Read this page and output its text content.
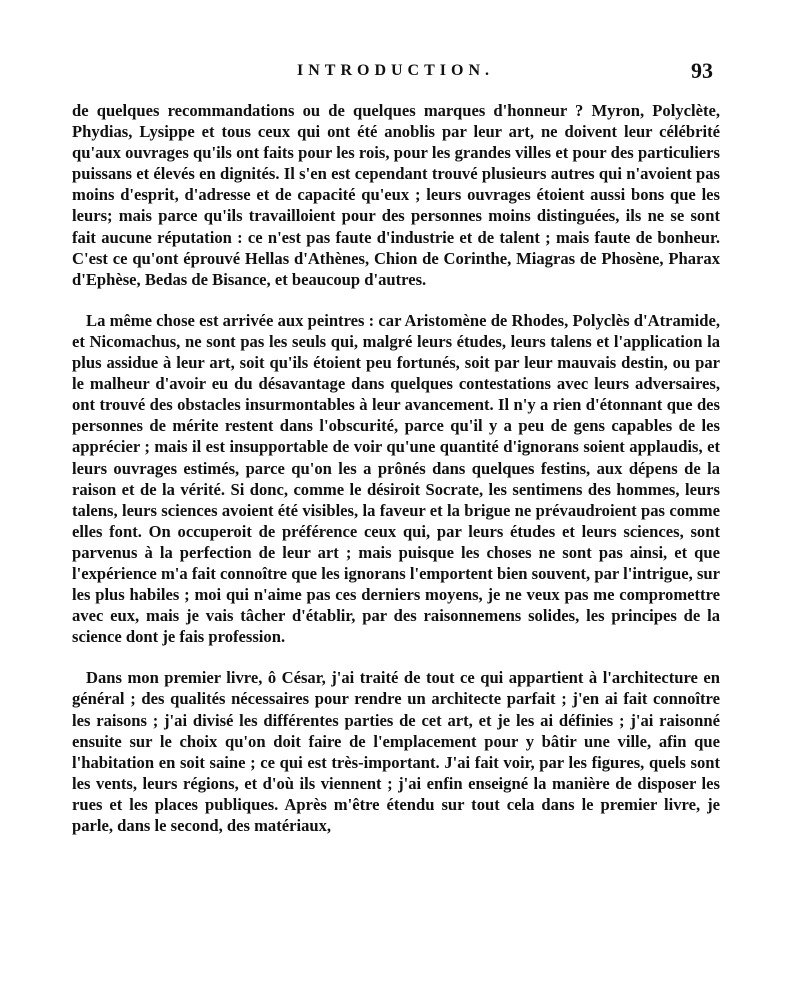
INTRODUCTION.	93

de quelques recommandations ou de quelques marques d'honneur ? Myron, Polyclète, Phydias, Lysippe et tous ceux qui ont été anoblis par leur art, ne doivent leur célébrité qu'aux ouvrages qu'ils ont faits pour les rois, pour les grandes villes et pour des particuliers puissans et élevés en dignités. Il s'en est cependant trouvé plusieurs autres qui n'avoient pas moins d'esprit, d'adresse et de capacité qu'eux ; leurs ouvrages étoient aussi bons que les leurs; mais parce qu'ils travailloient pour des personnes moins distinguées, ils ne se sont fait aucune réputation : ce n'est pas faute d'industrie et de talent ; mais faute de bonheur. C'est ce qu'ont éprouvé Hellas d'Athènes, Chion de Corinthe, Miagras de Phosène, Pharax d'Ephèse, Bedas de Bisance, et beaucoup d'autres.

La même chose est arrivée aux peintres : car Aristomène de Rhodes, Polyclès d'Atramide, et Nicomachus, ne sont pas les seuls qui, malgré leurs études, leurs talens et l'application la plus assidue à leur art, soit qu'ils étoient peu fortunés, soit par leur mauvais destin, ou par le malheur d'avoir eu du désavantage dans quelques contestations avec leurs adversaires, ont trouvé des obstacles insurmontables à leur avancement. Il n'y a rien d'étonnant que des personnes de mérite restent dans l'obscurité, parce qu'il y a peu de gens capables de les apprécier ; mais il est insupportable de voir qu'une quantité d'ignorans soient applaudis, et leurs ouvrages estimés, parce qu'on les a prônés dans quelques festins, aux dépens de la raison et de la vérité. Si donc, comme le désiroit Socrate, les sentimens des hommes, leurs talens, leurs sciences avoient été visibles, la faveur et la brigue ne prévaudroient pas comme elles font. On occuperoit de préférence ceux qui, par leurs études et leurs sciences, sont parvenus à la perfection de leur art ; mais puisque les choses ne sont pas ainsi, et que l'expérience m'a fait connoître que les ignorans l'emportent bien souvent, par l'intrigue, sur les plus habiles ; moi qui n'aime pas ces derniers moyens, je ne veux pas me compromettre avec eux, mais je vais tâcher d'établir, par des raisonnemens solides, les principes de la science dont je fais profession.

Dans mon premier livre, ô César, j'ai traité de tout ce qui appartient à l'architecture en général ; des qualités nécessaires pour rendre un architecte parfait ; j'en ai fait connoître les raisons ; j'ai divisé les différentes parties de cet art, et je les ai définies ; j'ai raisonné ensuite sur le choix qu'on doit faire de l'emplacement pour y bâtir une ville, afin que l'habitation en soit saine ; ce qui est très-important. J'ai fait voir, par les figures, quels sont les vents, leurs régions, et d'où ils viennent ; j'ai enfin enseigné la manière de disposer les rues et les places publiques. Après m'être étendu sur tout cela dans le premier livre, je parle, dans le second, des matériaux,
